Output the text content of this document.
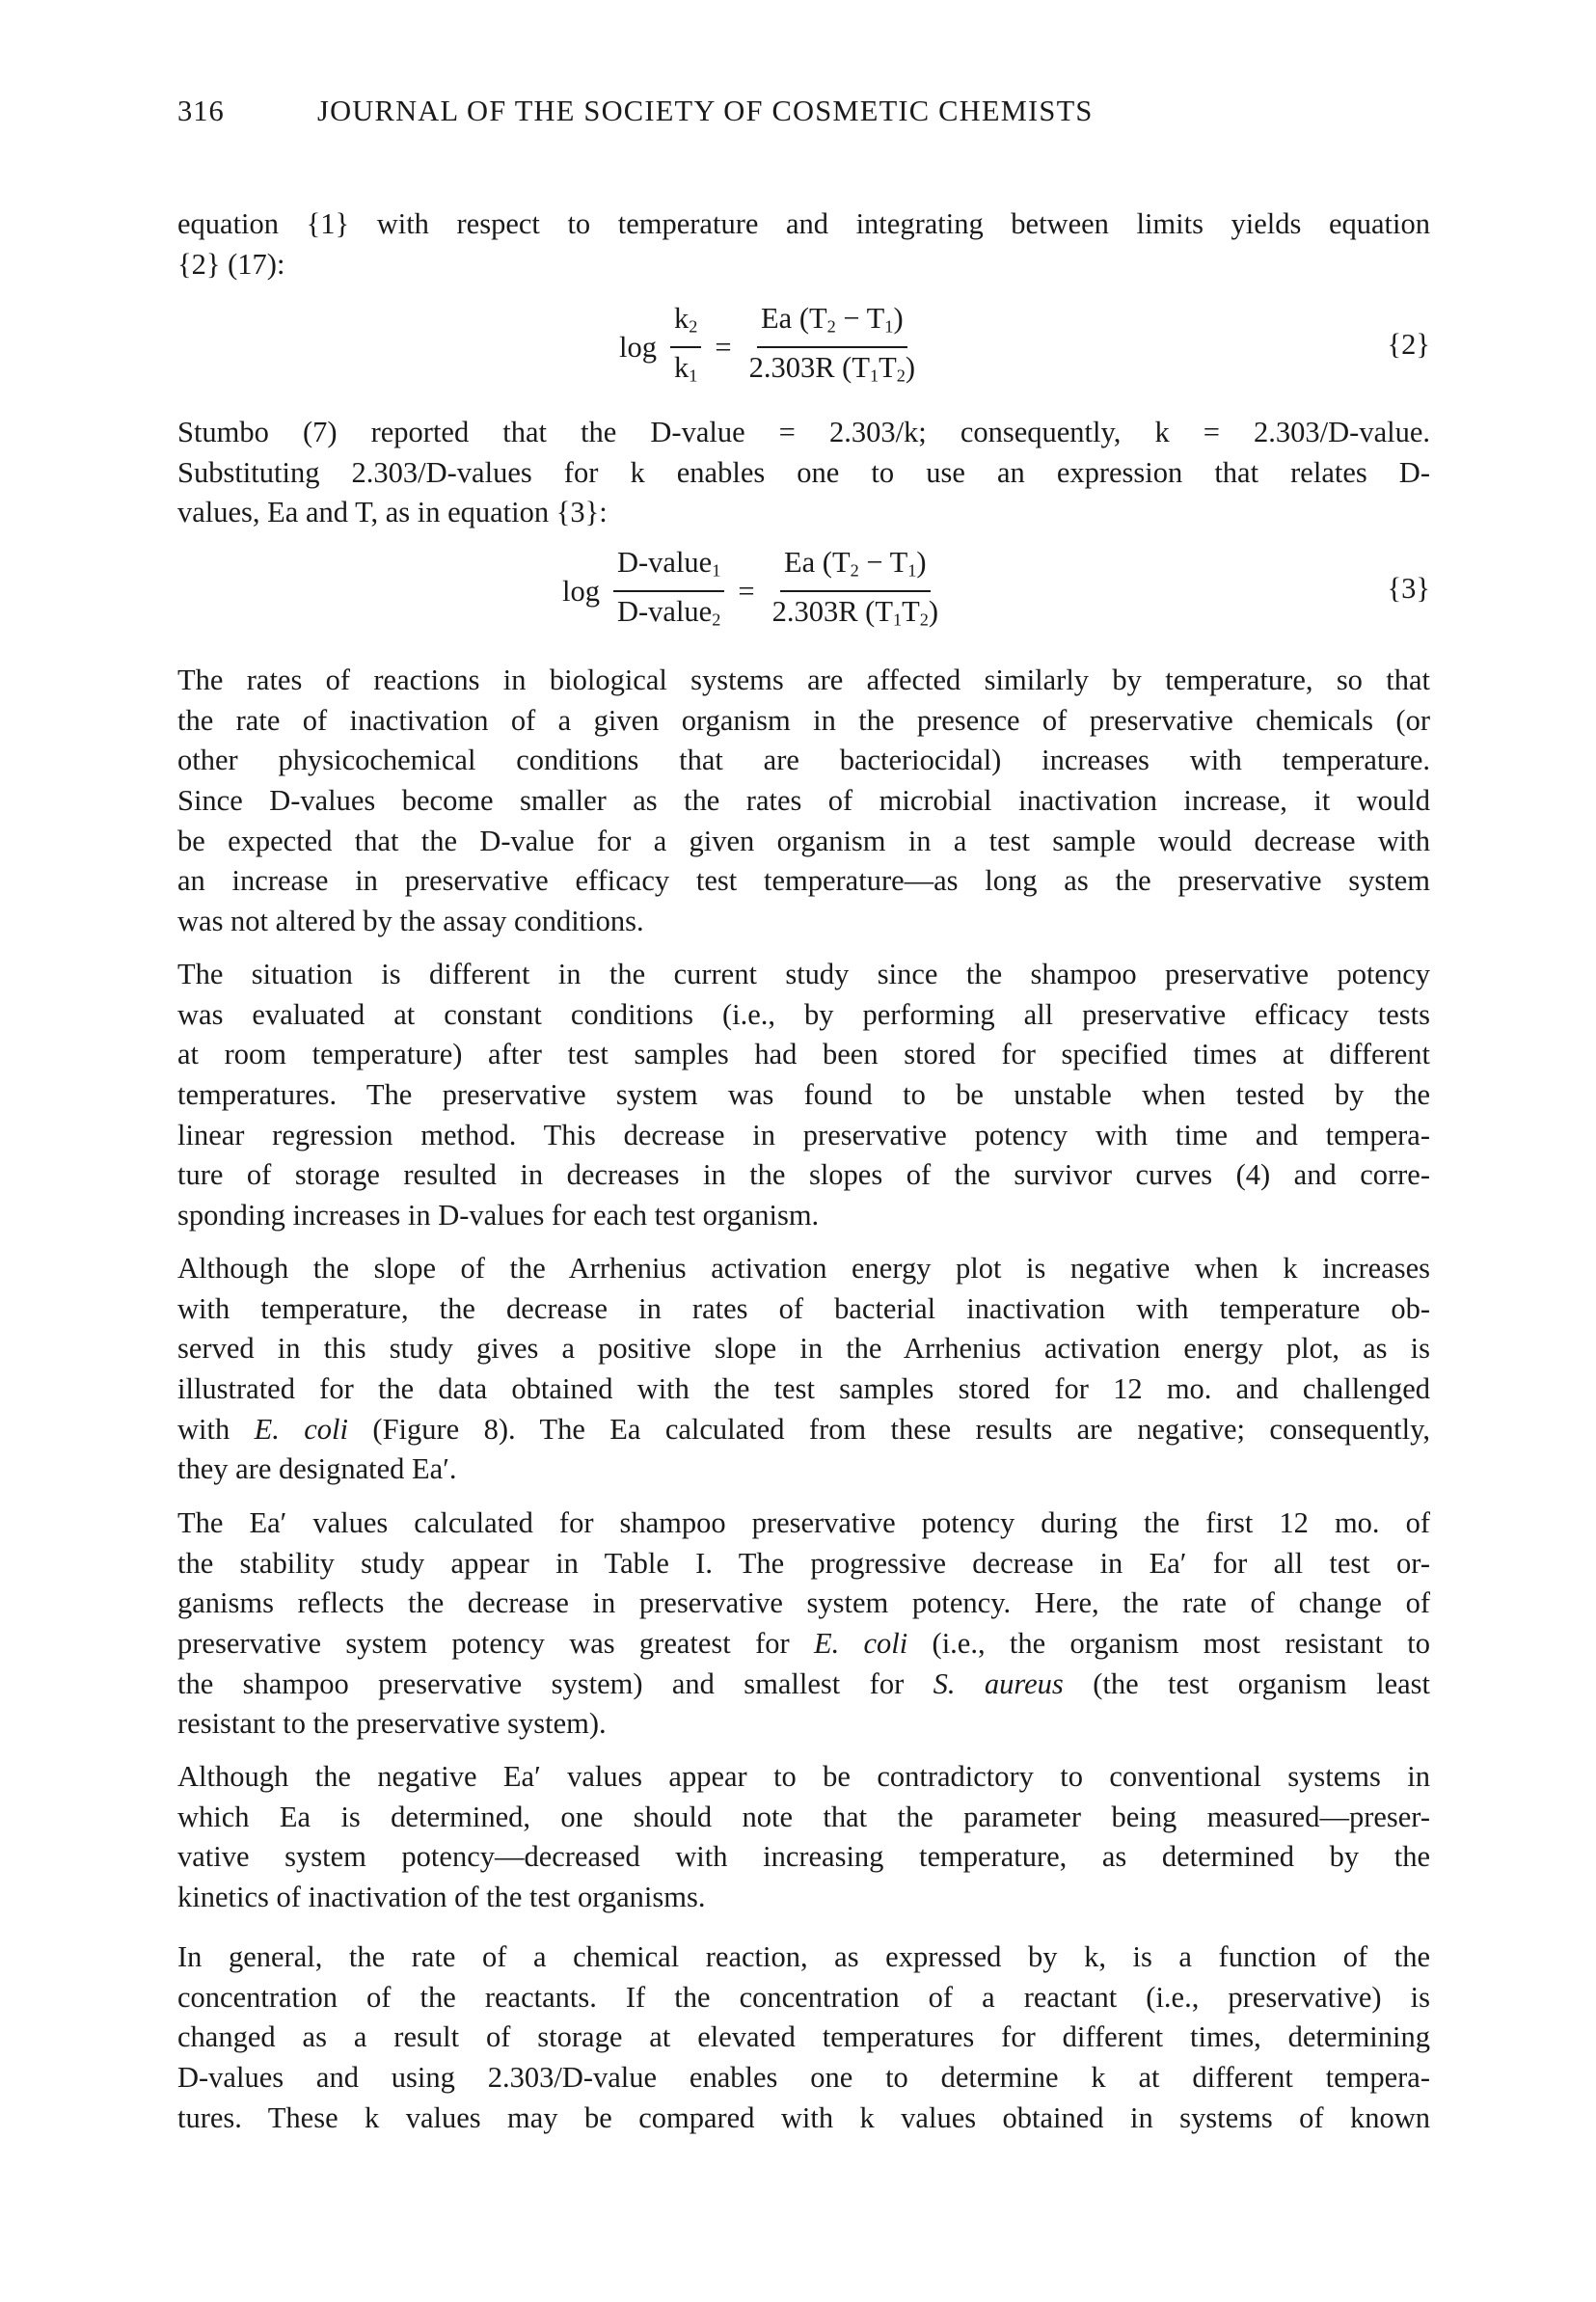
316	JOURNAL OF THE SOCIETY OF COSMETIC CHEMISTS
equation {1} with respect to temperature and integrating between limits yields equation
{2} (17):
$\log \frac{k_2}{k_1} = \frac{Ea (T_2 - T_1)}{2.303R (T_1T_2)}$	{2}
Stumbo (7) reported that the D-value = 2.303/k; consequently, k = 2.303/D-value.
Substituting 2.303/D-values for k enables one to use an expression that relates D-
values, Ea and T, as in equation {3}:
$\log \frac{D-value_1}{D-value_2} = \frac{Ea (T_2 - T_1)}{2.303R (T_1T_2)}$	{3}
The rates of reactions in biological systems are affected similarly by temperature, so that
the rate of inactivation of a given organism in the presence of preservative chemicals (or
other physicochemical conditions that are bacteriocidal) increases with temperature.
Since D-values become smaller as the rates of microbial inactivation increase, it would
be expected that the D-value for a given organism in a test sample would decrease with
an increase in preservative efficacy test temperature—as long as the preservative system
was not altered by the assay conditions.
The situation is different in the current study since the shampoo preservative potency
was evaluated at constant conditions (i.e., by performing all preservative efficacy tests
at room temperature) after test samples had been stored for specified times at different
temperatures. The preservative system was found to be unstable when tested by the
linear regression method. This decrease in preservative potency with time and tempera-
ture of storage resulted in decreases in the slopes of the survivor curves (4) and corre-
sponding increases in D-values for each test organism.
Although the slope of the Arrhenius activation energy plot is negative when k increases
with temperature, the decrease in rates of bacterial inactivation with temperature ob-
served in this study gives a positive slope in the Arrhenius activation energy plot, as is
illustrated for the data obtained with the test samples stored for 12 mo. and challenged
with E. coli (Figure 8). The Ea calculated from these results are negative; consequently,
they are designated Ea′.
The Ea′ values calculated for shampoo preservative potency during the first 12 mo. of
the stability study appear in Table I. The progressive decrease in Ea′ for all test or-
ganisms reflects the decrease in preservative system potency. Here, the rate of change of
preservative system potency was greatest for E. coli (i.e., the organism most resistant to
the shampoo preservative system) and smallest for S. aureus (the test organism least
resistant to the preservative system).
Although the negative Ea′ values appear to be contradictory to conventional systems in
which Ea is determined, one should note that the parameter being measured—preser-
vative system potency—decreased with increasing temperature, as determined by the
kinetics of inactivation of the test organisms.
In general, the rate of a chemical reaction, as expressed by k, is a function of the
concentration of the reactants. If the concentration of a reactant (i.e., preservative) is
changed as a result of storage at elevated temperatures for different times, determining
D-values and using 2.303/D-value enables one to determine k at different tempera-
tures. These k values may be compared with k values obtained in systems of known
